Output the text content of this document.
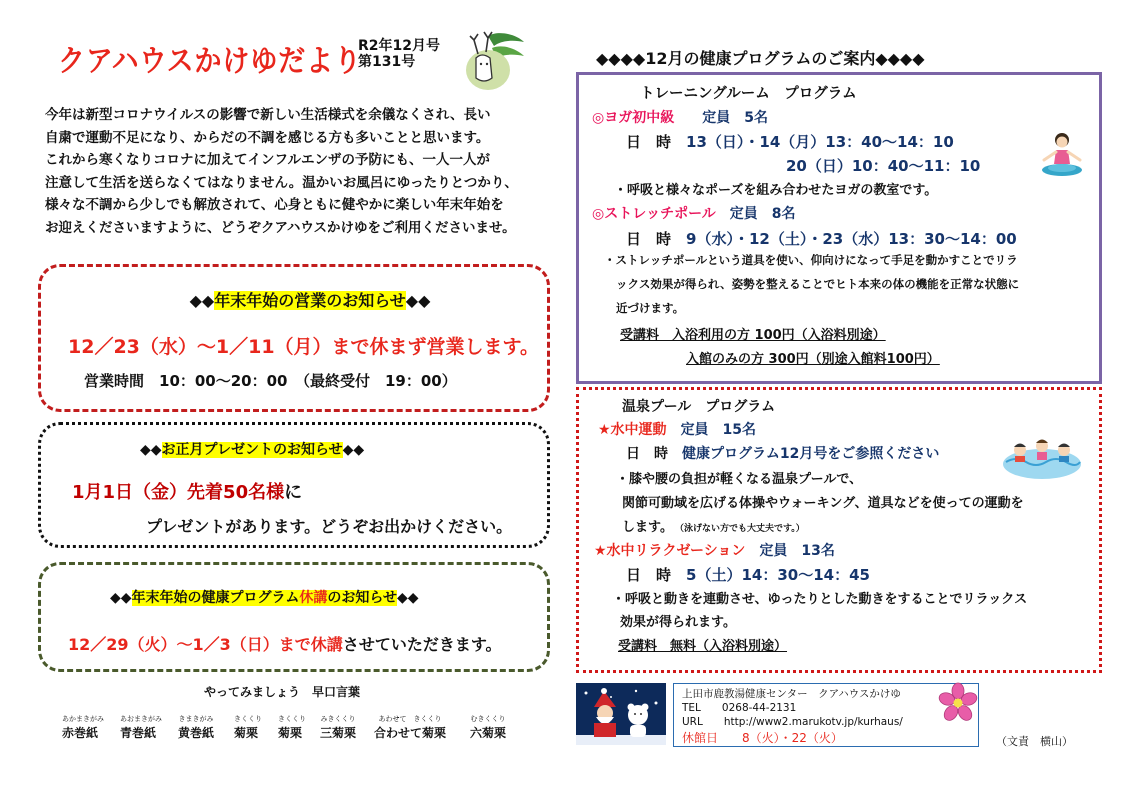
クアハウスかけゆだより
R2年12月号
第131号
今年は新型コロナウイルスの影響で新しい生活様式を余儀なくされ、長い
自粛で運動不足になり、からだの不調を感じる方も多いことと思います。
これから寒くなりコロナに加えてインフルエンザの予防にも、一人一人が
注意して生活を送らなくてはなりません。温かいお風呂にゆったりとつかり、
様々な不調から少しでも解放されて、心身ともに健やかに楽しい年末年始を
お迎えくださいますように、どうぞクアハウスかけゆをご利用くださいませ。
◆◆年末年始の営業のお知らせ◆◆
12／23（水）～1／11（月）まで休まず営業します。
営業時間　10：00～20：00　（最終受付　19：00）
◆◆お正月プレゼントのお知らせ◆◆
1月1日（金）先着50名様に
プレゼントがあります。どうぞお出かけください。
◆◆年末年始の健康プログラム休講のお知らせ◆◆
12／29（火）～1／3（日）まで休講させていただきます。
やってみましょう　早口言葉
あかまきがみ
赤巻紙
あおまきがみ
青巻紙
きまきがみ
黄巻紙
きくくり
菊栗
きくくり
菊栗
みきくくり
三菊栗
あわせて　きくくり
合わせて菊栗
むきくくり
六菊栗
◆◆◆◆12月の健康プログラムのご案内◆◆◆◆
トレーニングルーム　プログラム
◎ヨガ初中級　　 定員　5名
日　時　 13（日）・14（月）13：40～14：10
20（日）10：40～11：10
・呼吸と様々なポーズを組み合わせたヨガの教室です。
◎ストレッチポール　 定員　8名
日　時　 9（水）・12（土）・23（水）13：30～14：00
・ストレッチポールという道具を使い、仰向けになって手足を動かすことでリラ
ックス効果が得られ、姿勢を整えることでヒト本来の体の機能を正常な状態に
近づけます。
受講料　入浴利用の方 100円（入浴料別途）
入館のみの方 300円（別途入館料100円）
温泉プール　プログラム
★水中運動　 定員　15名
日　時　 健康プログラム12月号をご参照ください
・膝や腰の負担が軽くなる温泉プールで、
関節可動域を広げる体操やウォーキング、道具などを使っての運動を
します。　 （泳げない方でも大丈夫です。）
★水中リラクゼーション　 定員　13名
日　時　 5（土）14：30～14：45
・呼吸と動きを連動させ、ゆったりとした動きをすることでリラックス
効果が得られます。
受講料　無料（入浴料別途）
上田市鹿教湯健康センター　クアハウスかけゆ
TEL　　 0268-44-2131
URL　　 http://www2.marukotv.jp/kurhaus/
休館日　　 8（火）・22（火）	（文責　横山）
